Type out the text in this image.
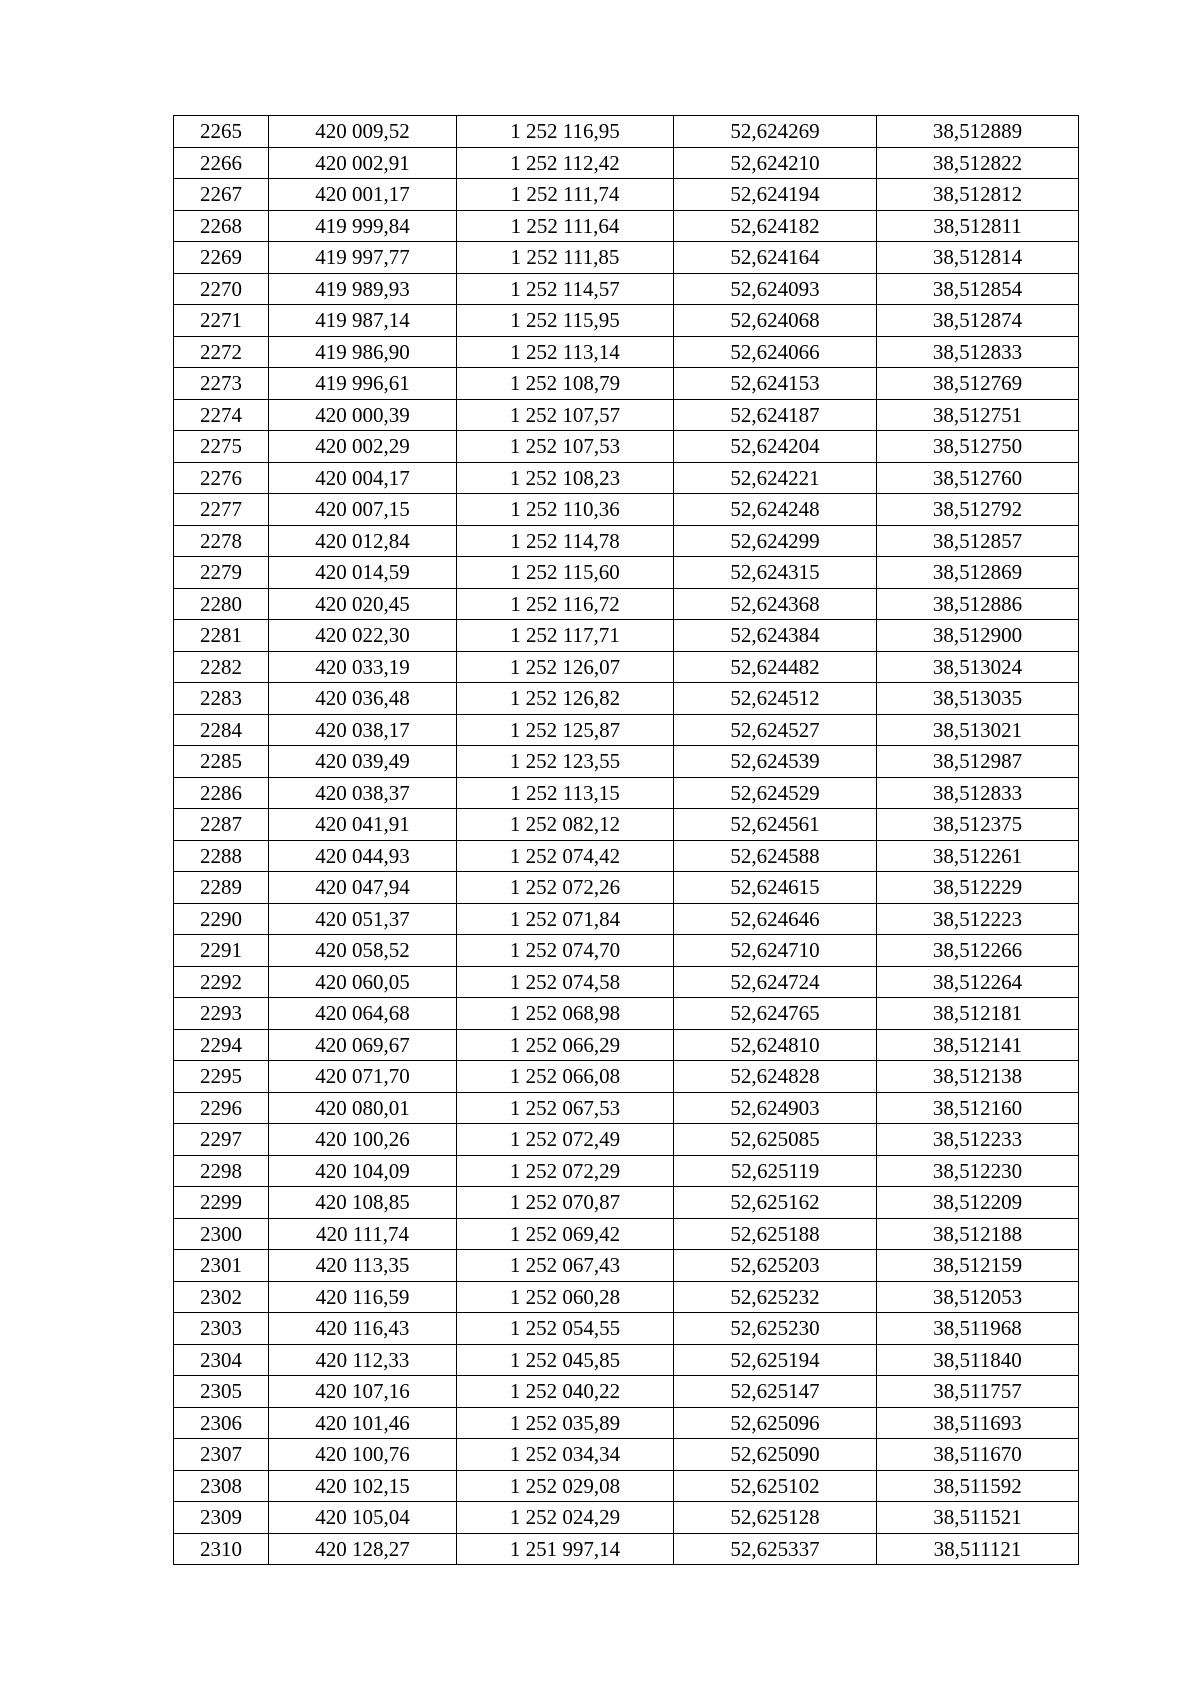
2265	420 009,52	1 252 116,95	52,624269	38,512889
2266	420 002,91	1 252 112,42	52,624210	38,512822
2267	420 001,17	1 252 111,74	52,624194	38,512812
2268	419 999,84	1 252 111,64	52,624182	38,512811
2269	419 997,77	1 252 111,85	52,624164	38,512814
2270	419 989,93	1 252 114,57	52,624093	38,512854
2271	419 987,14	1 252 115,95	52,624068	38,512874
2272	419 986,90	1 252 113,14	52,624066	38,512833
2273	419 996,61	1 252 108,79	52,624153	38,512769
2274	420 000,39	1 252 107,57	52,624187	38,512751
2275	420 002,29	1 252 107,53	52,624204	38,512750
2276	420 004,17	1 252 108,23	52,624221	38,512760
2277	420 007,15	1 252 110,36	52,624248	38,512792
2278	420 012,84	1 252 114,78	52,624299	38,512857
2279	420 014,59	1 252 115,60	52,624315	38,512869
2280	420 020,45	1 252 116,72	52,624368	38,512886
2281	420 022,30	1 252 117,71	52,624384	38,512900
2282	420 033,19	1 252 126,07	52,624482	38,513024
2283	420 036,48	1 252 126,82	52,624512	38,513035
2284	420 038,17	1 252 125,87	52,624527	38,513021
2285	420 039,49	1 252 123,55	52,624539	38,512987
2286	420 038,37	1 252 113,15	52,624529	38,512833
2287	420 041,91	1 252 082,12	52,624561	38,512375
2288	420 044,93	1 252 074,42	52,624588	38,512261
2289	420 047,94	1 252 072,26	52,624615	38,512229
2290	420 051,37	1 252 071,84	52,624646	38,512223
2291	420 058,52	1 252 074,70	52,624710	38,512266
2292	420 060,05	1 252 074,58	52,624724	38,512264
2293	420 064,68	1 252 068,98	52,624765	38,512181
2294	420 069,67	1 252 066,29	52,624810	38,512141
2295	420 071,70	1 252 066,08	52,624828	38,512138
2296	420 080,01	1 252 067,53	52,624903	38,512160
2297	420 100,26	1 252 072,49	52,625085	38,512233
2298	420 104,09	1 252 072,29	52,625119	38,512230
2299	420 108,85	1 252 070,87	52,625162	38,512209
2300	420 111,74	1 252 069,42	52,625188	38,512188
2301	420 113,35	1 252 067,43	52,625203	38,512159
2302	420 116,59	1 252 060,28	52,625232	38,512053
2303	420 116,43	1 252 054,55	52,625230	38,511968
2304	420 112,33	1 252 045,85	52,625194	38,511840
2305	420 107,16	1 252 040,22	52,625147	38,511757
2306	420 101,46	1 252 035,89	52,625096	38,511693
2307	420 100,76	1 252 034,34	52,625090	38,511670
2308	420 102,15	1 252 029,08	52,625102	38,511592
2309	420 105,04	1 252 024,29	52,625128	38,511521
2310	420 128,27	1 251 997,14	52,625337	38,511121
